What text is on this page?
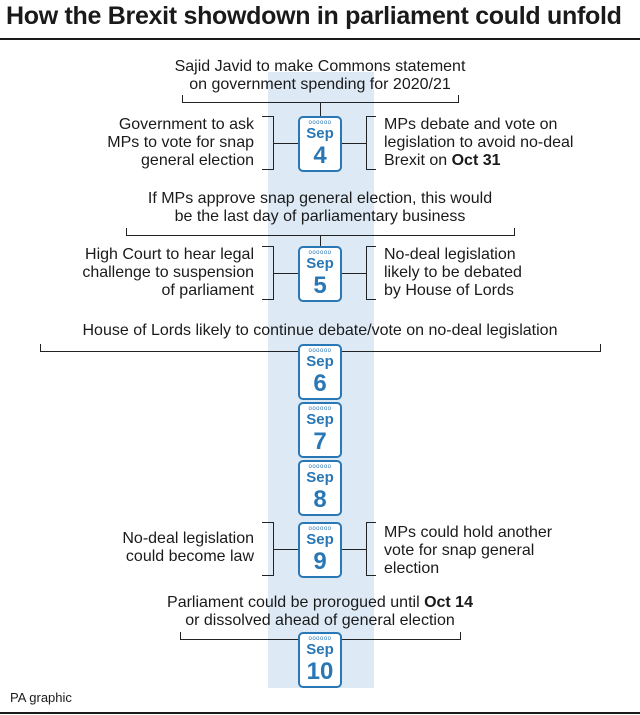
How the Brexit showdown in parliament could unfold
Sajid Javid to make Commons statement
on government spending for 2020/21
Government to ask
MPs to vote for snap
general election
oooooo
Sep
4
MPs debate and vote on
legislation to avoid no-deal
Brexit on Oct 31
If MPs approve snap general election, this would
be the last day of parliamentary business
High Court to hear legal
challenge to suspension
of parliament
oooooo
Sep
5
No-deal legislation
likely to be debated
by House of Lords
House of Lords likely to continue debate/vote on no-deal legislation
oooooo
Sep
6
oooooo
Sep
7
oooooo
Sep
8
No-deal legislation
could become law
oooooo
Sep
9
MPs could hold another
vote for snap general
election
Parliament could be prorogued until Oct 14
or dissolved ahead of general election
oooooo
Sep
10
PA graphic
